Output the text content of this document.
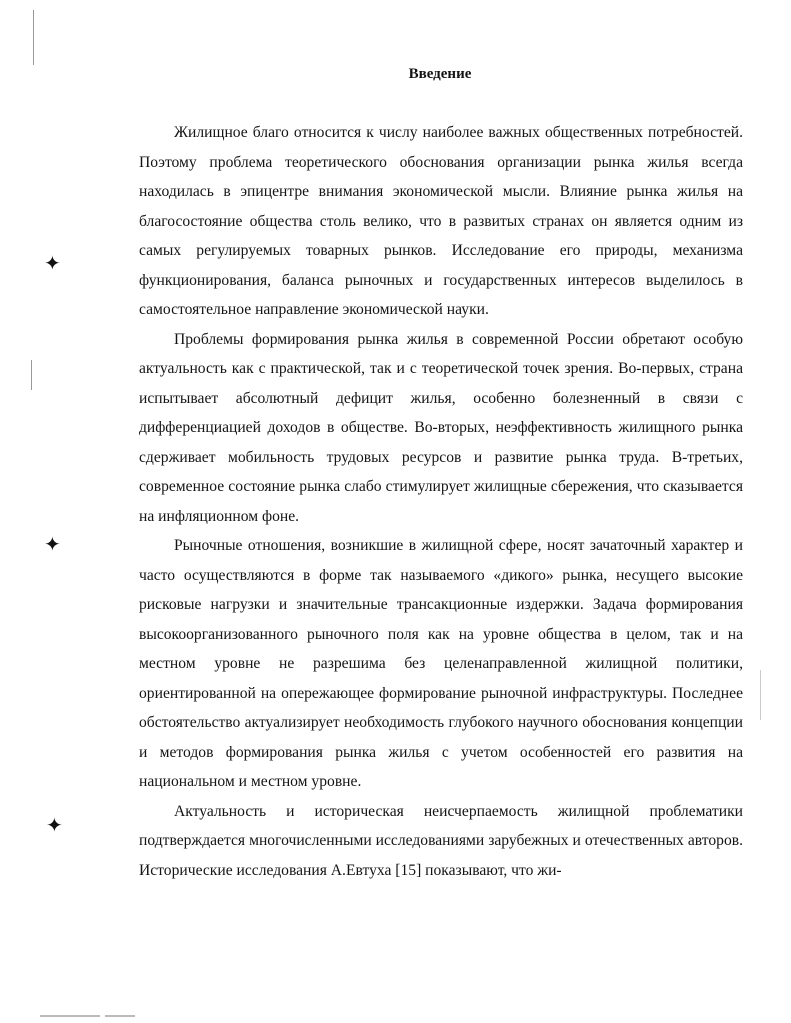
✦
✦
✦
Введение

Жилищное благо относится к числу наиболее важных общественных потребностей. Поэтому проблема теоретического обоснования организации рынка жилья всегда находилась в эпицентре внимания экономической мысли. Влияние рынка жилья на благосостояние общества столь велико, что в развитых странах он является одним из самых регулируемых товарных рынков. Исследование его природы, механизма функционирования, баланса рыночных и государственных интересов выделилось в самостоятельное направление экономической науки.

Проблемы формирования рынка жилья в современной России обретают особую актуальность как с практической, так и с теоретической точек зрения. Во-первых, страна испытывает абсолютный дефицит жилья, особенно болезненный в связи с дифференциацией доходов в обществе. Во-вторых, неэффективность жилищного рынка сдерживает мобильность трудовых ресурсов и развитие рынка труда. В-третьих, современное состояние рынка слабо стимулирует жилищные сбережения, что сказывается на инфляционном фоне.

Рыночные отношения, возникшие в жилищной сфере, носят зачаточный характер и часто осуществляются в форме так называемого «дикого» рынка, несущего высокие рисковые нагрузки и значительные трансакционные издержки. Задача формирования высокоорганизованного рыночного поля как на уровне общества в целом, так и на местном уровне не разрешима без целенаправленной жилищной политики, ориентированной на опережающее формирование рыночной инфраструктуры. Последнее обстоятельство актуализирует необходимость глубокого научного обоснования концепции и методов формирования рынка жилья с учетом особенностей его развития на национальном и местном уровне.

Актуальность и историческая неисчерпаемость жилищной проблематики подтверждается многочисленными исследованиями зарубежных и отечественных авторов. Исторические исследования А.Евтуха [15] показывают, что жи-
